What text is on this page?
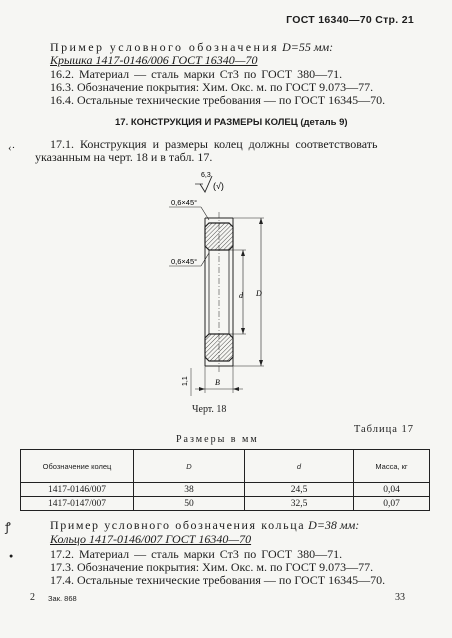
ГОСТ 16340—70 Стр. 21
Пример условного обозначения D=55 мм:
Крышка 1417-0146/006 ГОСТ 16340—70
16.2. Материал — сталь марки Ст3 по ГОСТ 380—71.
16.3. Обозначение покрытия: Хим. Окс. м. по ГОСТ 9.073—77.
16.4. Остальные технические требования — по ГОСТ 16345—70.
17. КОНСТРУКЦИЯ И РАЗМЕРЫ КОЛЕЦ (деталь 9)
17.1. Конструкция и размеры колец должны соответствовать
указанным на черт. 18 и в табл. 17.
‹·
ꝭ
●
6,3
(√)
0,6×45°
0,6×45°
d D
B
1,1
Черт. 18
Таблица 17
Размеры в мм
Обозначение колец	D	d	Масса, кг
1417-0146/007	38	24,5	0,04
1417-0147/007	50	32,5	0,07
Пример условного обозначения кольца D=38 мм:
Кольцо 1417-0146/007 ГОСТ 16340—70
17.2. Материал — сталь марки Ст3 по ГОСТ 380—71.
17.3. Обозначение покрытия: Хим. Окс. м. по ГОСТ 9.073—77.
17.4. Остальные технические требования — по ГОСТ 16345—70.
2 Зак. 868	33
